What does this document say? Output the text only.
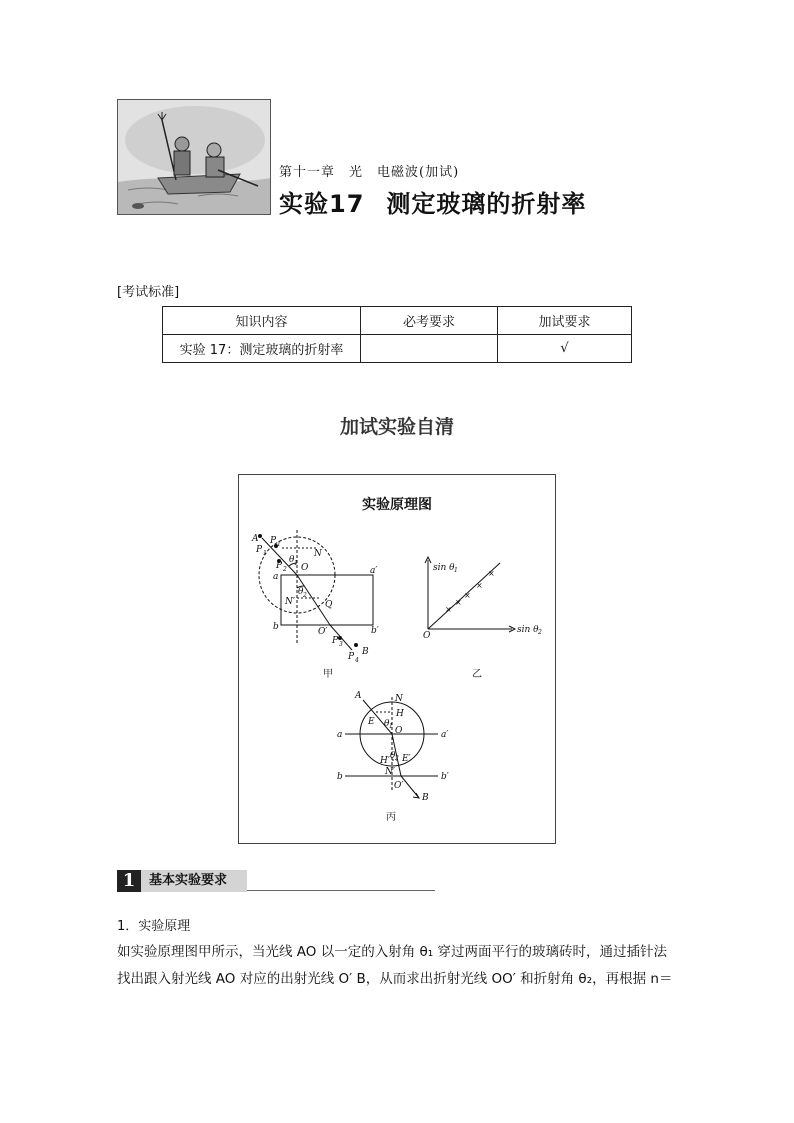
第十一章　光　电磁波(加试)
实验17 测定玻璃的折射率
[考试标准]
知识内容	必考要求	加试要求
实验 17：测定玻璃的折射率		√
加试实验自清
实验原理图
A P 1
P 1
P 2
θ 1
N
O
a
a′
θ 2
N′	Q
O′
b	b′
P 3
P 4
B
甲
×
×
×
×
×
sin θ 1
sin θ 2
O
乙
A	N
H
E θ 1 O
a	a′
H′ θ 2 E′
N′
b	b′
O′
B
丙
1	基本实验要求
1．实验原理
如实验原理图甲所示，当光线 AO 以一定的入射角 θ₁ 穿过两面平行的玻璃砖时，通过插针法
找出跟入射光线 AO 对应的出射光线 O′ B，从而求出折射光线 OO′ 和折射角 θ₂，再根据 n＝
